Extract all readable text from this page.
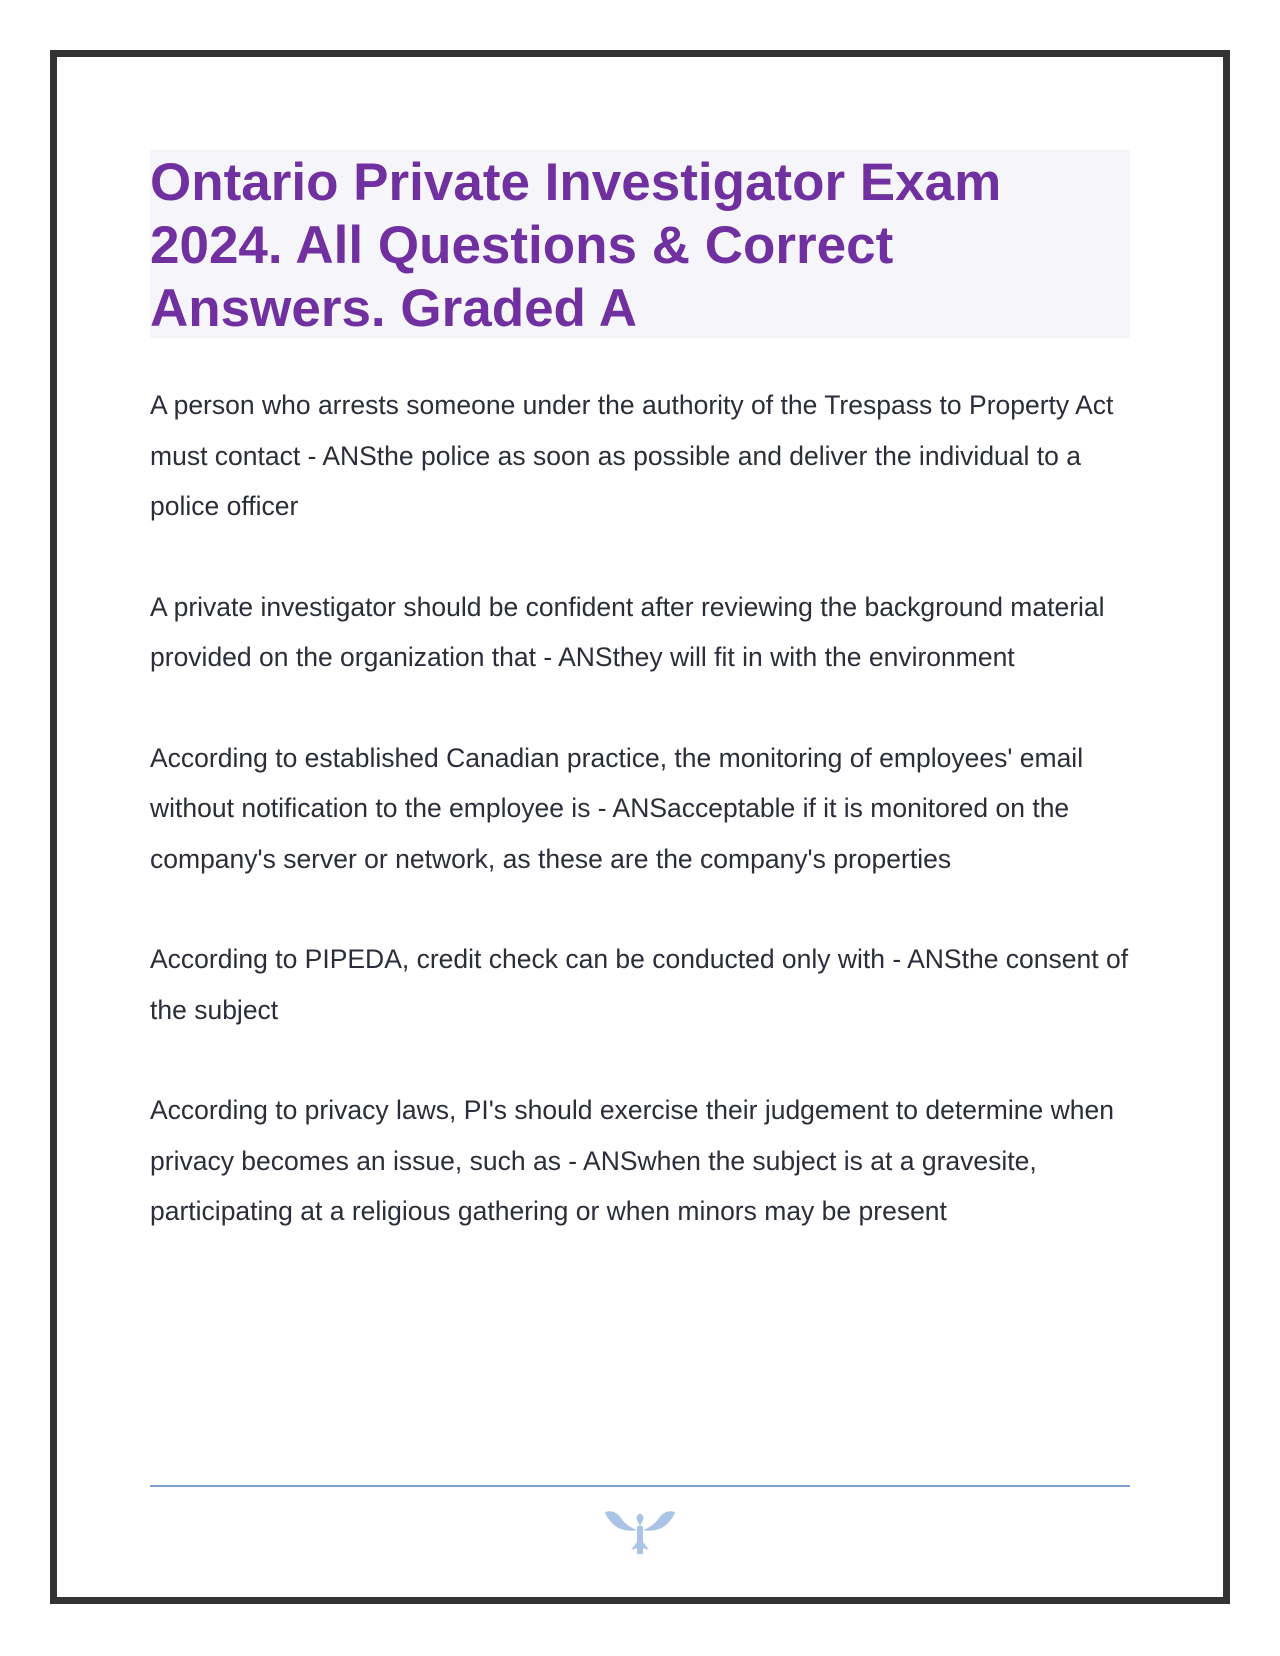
Ontario Private Investigator Exam 2024. All Questions & Correct Answers. Graded A

A person who arrests someone under the authority of the Trespass to Property Act must contact - ANSthe police as soon as possible and deliver the individual to a police officer

A private investigator should be confident after reviewing the background material provided on the organization that - ANSthey will fit in with the environment

According to established Canadian practice, the monitoring of employees' email without notification to the employee is - ANSacceptable if it is monitored on the company's server or network, as these are the company's properties

According to PIPEDA, credit check can be conducted only with - ANSthe consent of the subject

According to privacy laws, PI's should exercise their judgement to determine when privacy becomes an issue, such as - ANSwhen the subject is at a gravesite, participating at a religious gathering or when minors may be present
